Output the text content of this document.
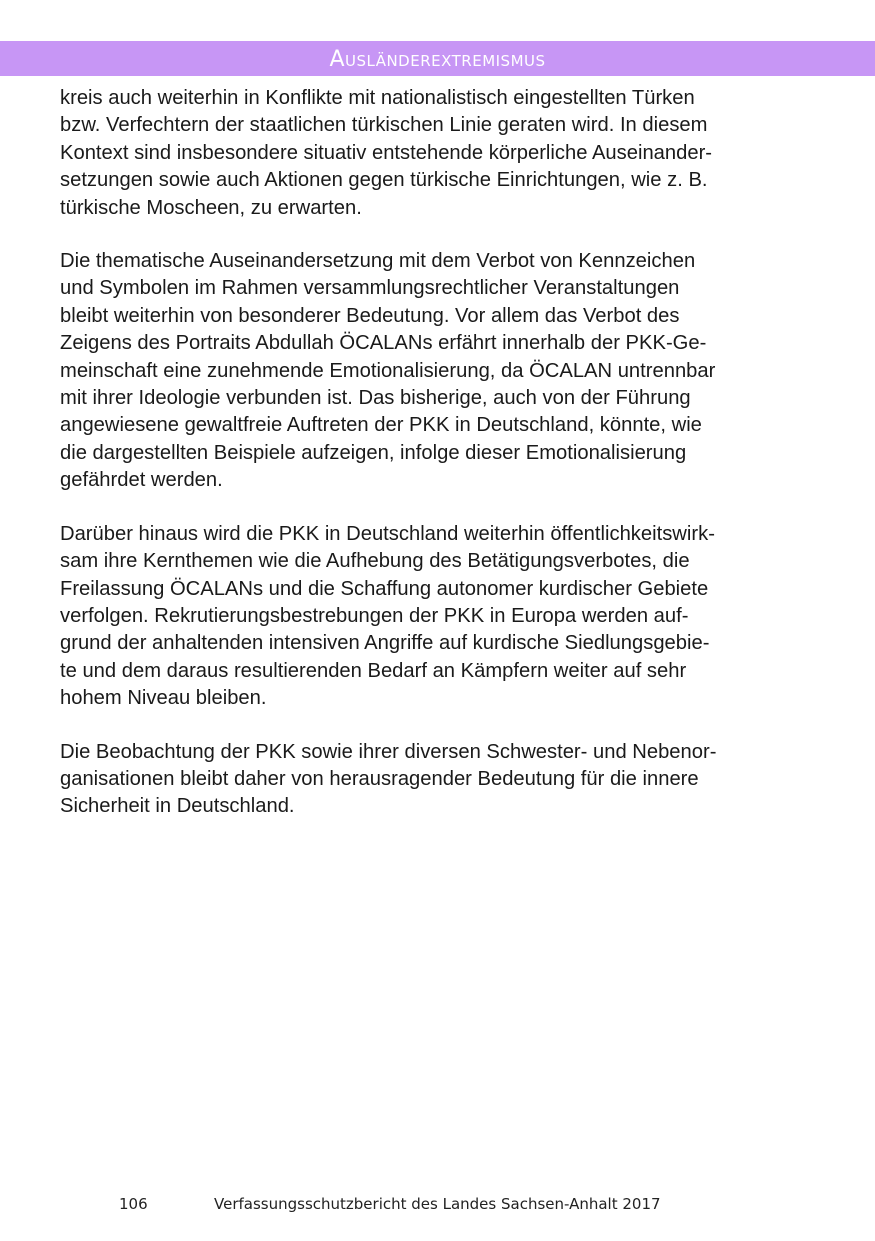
Ausländerextremismus

kreis auch weiterhin in Konflikte mit nationalistisch eingestellten Türken
bzw. Verfechtern der staatlichen türkischen Linie geraten wird. In diesem
Kontext sind insbesondere situativ entstehende körperliche Auseinander-
setzungen sowie auch Aktionen gegen türkische Einrichtungen, wie z. B.
türkische Moscheen, zu erwarten.

Die thematische Auseinandersetzung mit dem Verbot von Kennzeichen
und Symbolen im Rahmen versammlungsrechtlicher Veranstaltungen
bleibt weiterhin von besonderer Bedeutung. Vor allem das Verbot des
Zeigens des Portraits Abdullah ÖCALANs erfährt innerhalb der PKK-Ge-
meinschaft eine zunehmende Emotionalisierung, da ÖCALAN untrennbar
mit ihrer Ideologie verbunden ist. Das bisherige, auch von der Führung
angewiesene gewaltfreie Auftreten der PKK in Deutschland, könnte, wie
die dargestellten Beispiele aufzeigen, infolge dieser Emotionalisierung
gefährdet werden.

Darüber hinaus wird die PKK in Deutschland weiterhin öffentlichkeitswirk-
sam ihre Kernthemen wie die Aufhebung des Betätigungsverbotes, die
Freilassung ÖCALANs und die Schaffung autonomer kurdischer Gebiete
verfolgen. Rekrutierungsbestrebungen der PKK in Europa werden auf-
grund der anhaltenden intensiven Angriffe auf kurdische Siedlungsgebie-
te und dem daraus resultierenden Bedarf an Kämpfern weiter auf sehr
hohem Niveau bleiben.

Die Beobachtung der PKK sowie ihrer diversen Schwester- und Nebenor-
ganisationen bleibt daher von herausragender Bedeutung für die innere
Sicherheit in Deutschland.

106	Verfassungsschutzbericht des Landes Sachsen-Anhalt 2017
